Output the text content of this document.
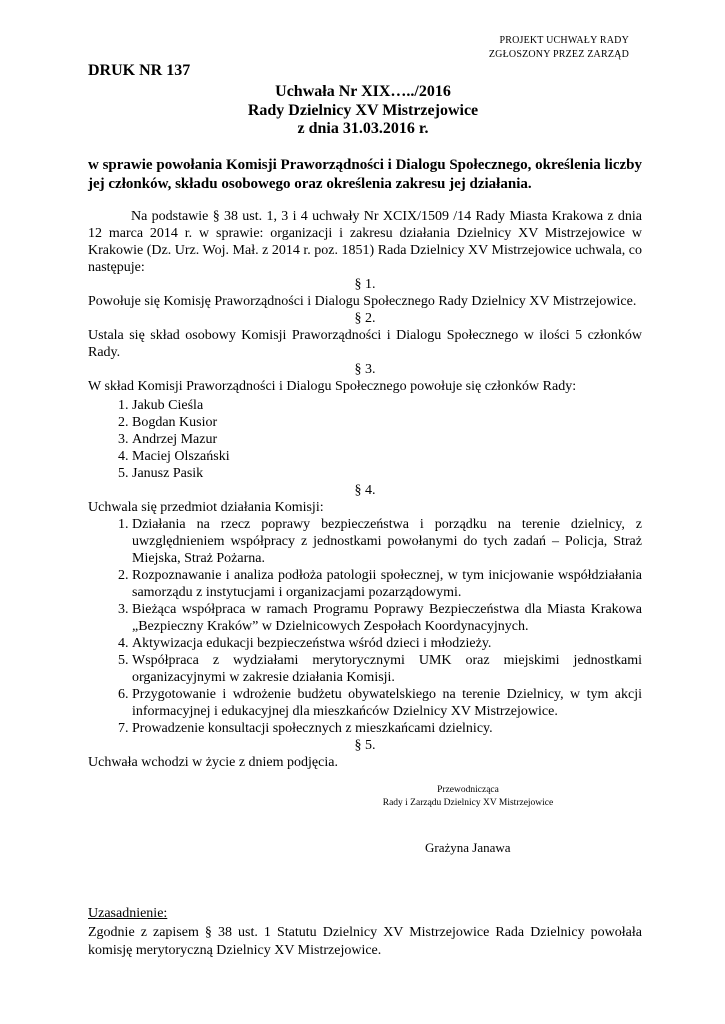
PROJEKT UCHWAŁY RADY
ZGŁOSZONY PRZEZ ZARZĄD
DRUK NR 137
Uchwała Nr XIX…../2016
Rady Dzielnicy XV Mistrzejowice
z dnia 31.03.2016 r.
w sprawie powołania Komisji Praworządności i Dialogu Społecznego, określenia liczby jej członków, składu osobowego oraz określenia zakresu jej działania.

Na podstawie § 38 ust. 1, 3 i 4 uchwały Nr XCIX/1509 /14 Rady Miasta Krakowa z dnia 12 marca 2014 r. w sprawie: organizacji i zakresu działania Dzielnicy XV Mistrzejowice w Krakowie (Dz. Urz. Woj. Mał. z 2014 r. poz. 1851) Rada Dzielnicy XV Mistrzejowice uchwala, co następuje:

§ 1.

Powołuje się Komisję Praworządności i Dialogu Społecznego Rady Dzielnicy XV Mistrzejowice.

§ 2.

Ustala się skład osobowy Komisji Praworządności i Dialogu Społecznego w ilości 5 członków Rady.

§ 3.

W skład Komisji Praworządności i Dialogu Społecznego powołuje się członków Rady:

1. Jakub Cieśla
2. Bogdan Kusior
3. Andrzej Mazur
4. Maciej Olszański
5. Janusz Pasik

§ 4.

Uchwala się przedmiot działania Komisji:

1. Działania na rzecz poprawy bezpieczeństwa i porządku na terenie dzielnicy, z uwzględnieniem współpracy z jednostkami powołanymi do tych zadań – Policja, Straż Miejska, Straż Pożarna.
2. Rozpoznawanie i analiza podłoża patologii społecznej, w tym inicjowanie współdziałania samorządu z instytucjami i organizacjami pozarządowymi.
3. Bieżąca współpraca w ramach Programu Poprawy Bezpieczeństwa dla Miasta Krakowa „Bezpieczny Kraków” w Dzielnicowych Zespołach Koordynacyjnych.
4. Aktywizacja edukacji bezpieczeństwa wśród dzieci i młodzieży.
5. Współpraca z wydziałami merytorycznymi UMK oraz miejskimi jednostkami organizacyjnymi w zakresie działania Komisji.
6. Przygotowanie i wdrożenie budżetu obywatelskiego na terenie Dzielnicy, w tym akcji informacyjnej i edukacyjnej dla mieszkańców Dzielnicy XV Mistrzejowice.
7. Prowadzenie konsultacji społecznych z mieszkańcami dzielnicy.

§ 5.

Uchwała wchodzi w życie z dniem podjęcia.

Przewodnicząca
Rady i Zarządu Dzielnicy XV Mistrzejowice
Grażyna Janawa
Uzasadnienie:
Zgodnie z zapisem § 38 ust. 1 Statutu Dzielnicy XV Mistrzejowice Rada Dzielnicy powołała komisję merytoryczną Dzielnicy XV Mistrzejowice.
